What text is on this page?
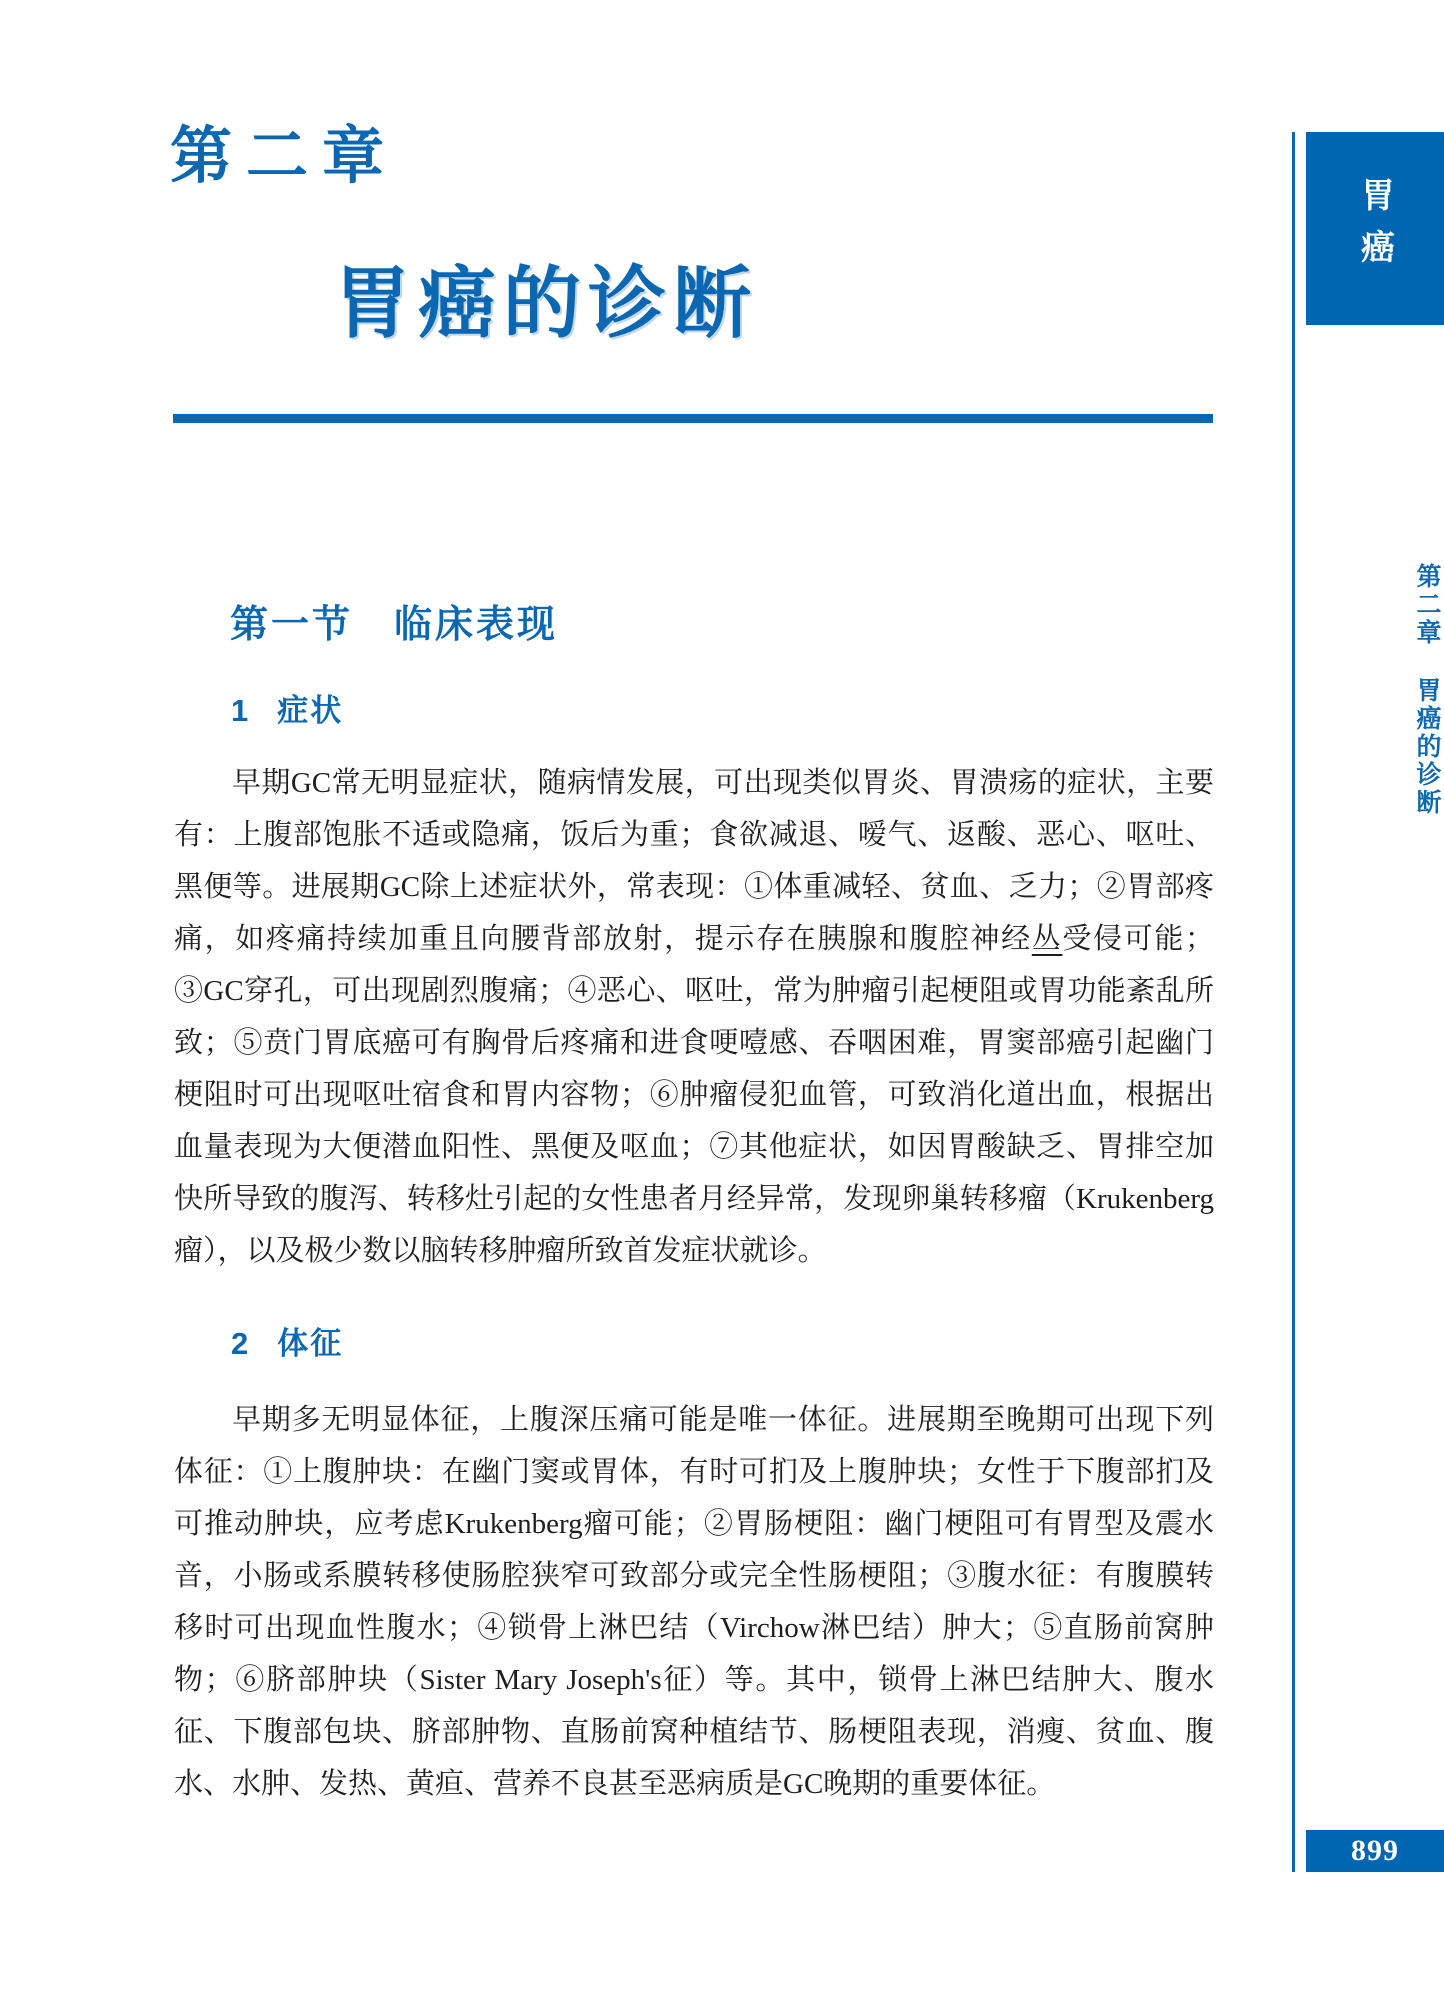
第二章
胃癌的诊断
第一节　临床表现
1 症状

早期GC常无明显症状，随病情发展，可出现类似胃炎、胃溃疡的症状，主要有：上腹部饱胀不适或隐痛，饭后为重；食欲减退、嗳气、返酸、恶心、呕吐、黑便等。进展期GC除上述症状外，常表现：①体重减轻、贫血、乏力；②胃部疼痛，如疼痛持续加重且向腰背部放射，提示存在胰腺和腹腔神经丛受侵可能；③GC穿孔，可出现剧烈腹痛；④恶心、呕吐，常为肿瘤引起梗阻或胃功能紊乱所致；⑤贲门胃底癌可有胸骨后疼痛和进食哽噎感、吞咽困难，胃窦部癌引起幽门梗阻时可出现呕吐宿食和胃内容物；⑥肿瘤侵犯血管，可致消化道出血，根据出血量表现为大便潜血阳性、黑便及呕血；⑦其他症状，如因胃酸缺乏、胃排空加快所导致的腹泻、转移灶引起的女性患者月经异常，发现卵巢转移瘤（Krukenberg瘤），以及极少数以脑转移肿瘤所致首发症状就诊。

2 体征

早期多无明显体征，上腹深压痛可能是唯一体征。进展期至晚期可出现下列体征：①上腹肿块：在幽门窦或胃体，有时可扪及上腹肿块；女性于下腹部扪及可推动肿块，应考虑Krukenberg瘤可能；②胃肠梗阻：幽门梗阻可有胃型及震水音，小肠或系膜转移使肠腔狭窄可致部分或完全性肠梗阻；③腹水征：有腹膜转移时可出现血性腹水；④锁骨上淋巴结（Virchow淋巴结）肿大；⑤直肠前窝肿物；⑥脐部肿块（Sister Mary Joseph's征）等。其中，锁骨上淋巴结肿大、腹水征、下腹部包块、脐部肿物、直肠前窝种植结节、肠梗阻表现，消瘦、贫血、腹水、水肿、发热、黄疸、营养不良甚至恶病质是GC晚期的重要体征。

胃癌
第二章
胃癌的诊断
899
